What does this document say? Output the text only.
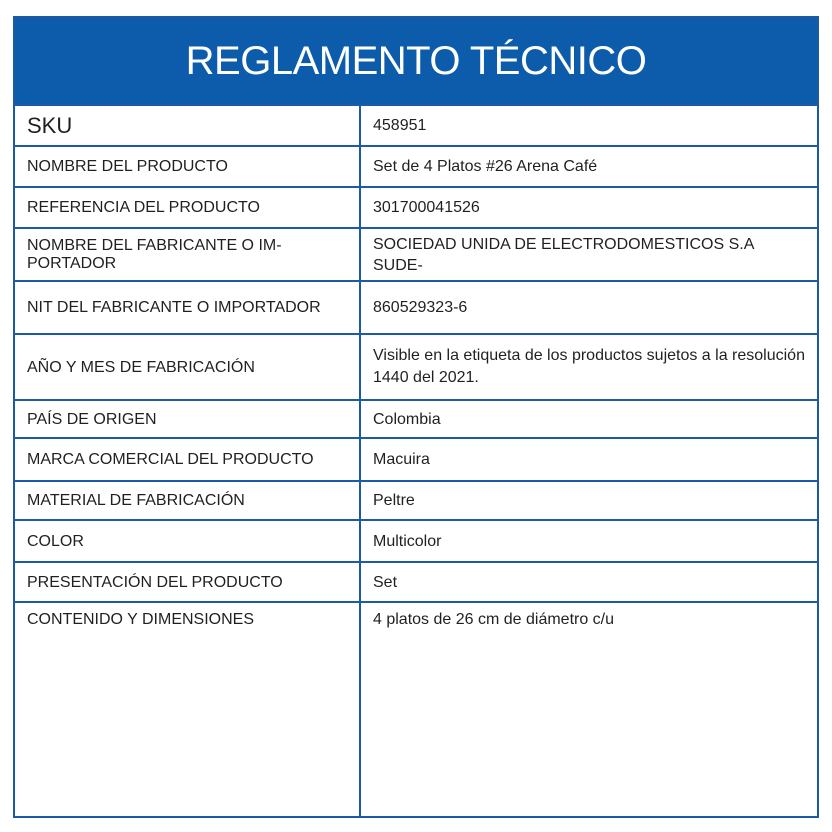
REGLAMENTO TÉCNICO
SKU	458951
NOMBRE DEL PRODUCTO	Set de 4 Platos #26 Arena Café
REFERENCIA DEL PRODUCTO	301700041526
NOMBRE DEL FABRICANTE O IM- PORTADOR	SOCIEDAD UNIDA DE ELECTRODOMESTICOS S.A SUDE-
NIT DEL FABRICANTE O IMPORTADOR	860529323-6
AÑO Y MES DE FABRICACIÓN	Visible en la etiqueta de los productos sujetos a la resolución 1440 del 2021.
PAÍS DE ORIGEN	Colombia
MARCA COMERCIAL DEL PRODUCTO	Macuira
MATERIAL DE FABRICACIÓN	Peltre
COLOR	Multicolor
PRESENTACIÓN DEL PRODUCTO	Set
CONTENIDO Y DIMENSIONES	4 platos de 26 cm de diámetro c/u
